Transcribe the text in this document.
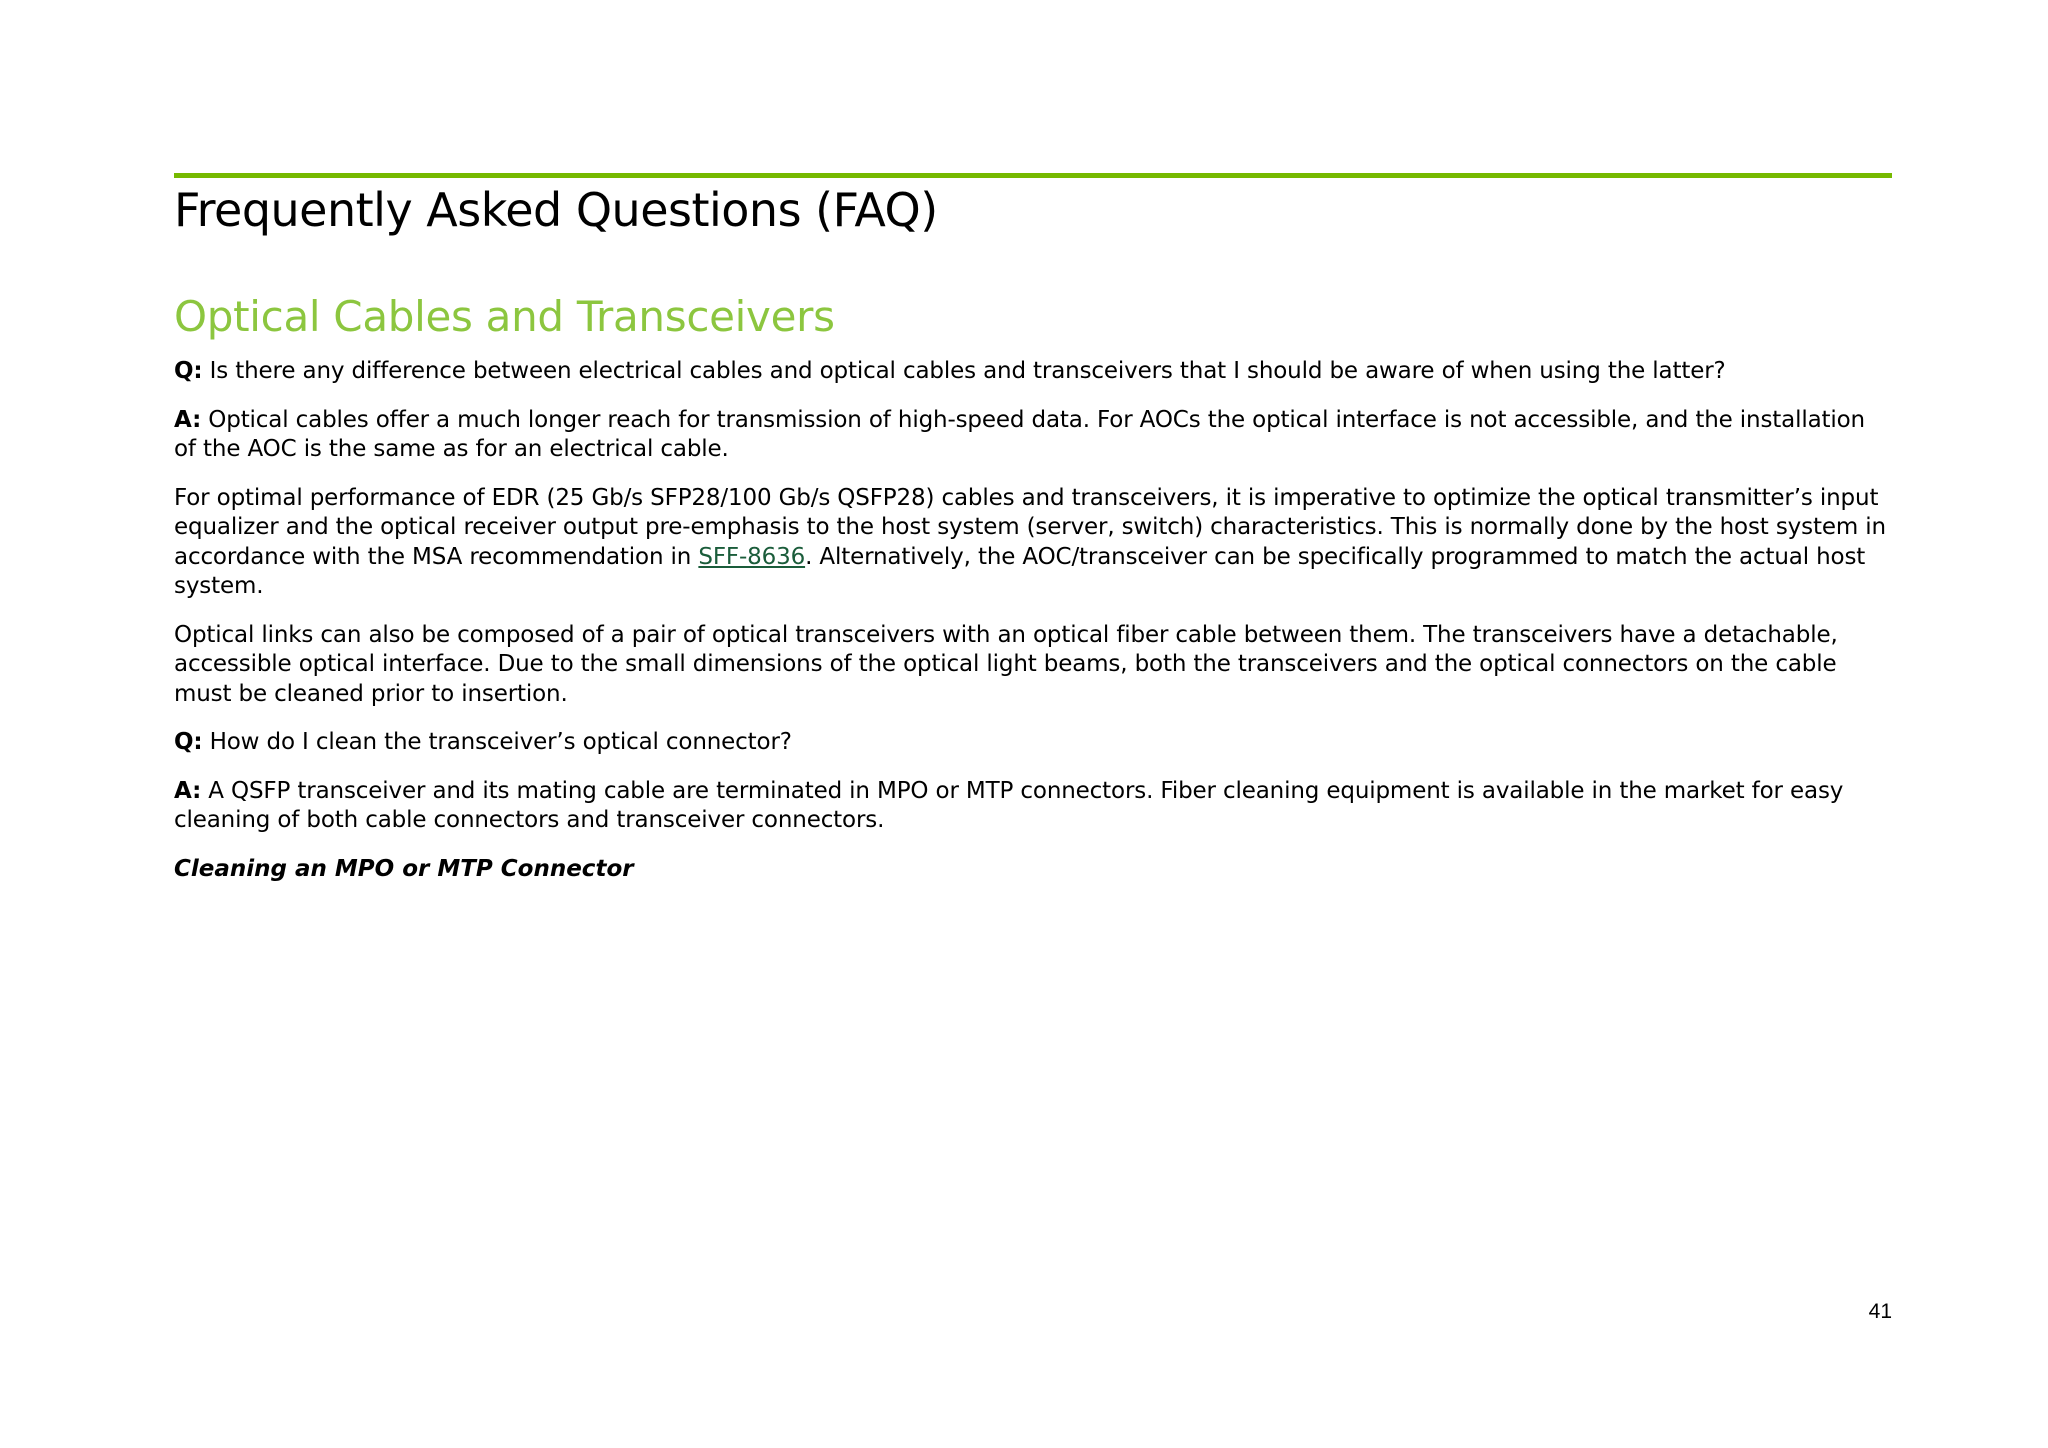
Frequently Asked Questions (FAQ)
Optical Cables and Transceivers

Q: Is there any difference between electrical cables and optical cables and transceivers that I should be aware of when using the latter?

A: Optical cables offer a much longer reach for transmission of high-speed data. For AOCs the optical interface is not accessible, and the installation of the AOC is the same as for an electrical cable.

For optimal performance of EDR (25 Gb/s SFP28/100 Gb/s QSFP28) cables and transceivers, it is imperative to optimize the optical transmitter’s input equalizer and the optical receiver output pre-emphasis to the host system (server, switch) characteristics. This is normally done by the host system in accordance with the MSA recommendation in SFF-8636. Alternatively, the AOC/transceiver can be specifically programmed to match the actual host system.

Optical links can also be composed of a pair of optical transceivers with an optical fiber cable between them. The transceivers have a detachable, accessible optical interface. Due to the small dimensions of the optical light beams, both the transceivers and the optical connectors on the cable must be cleaned prior to insertion.

Q: How do I clean the transceiver’s optical connector?

A: A QSFP transceiver and its mating cable are terminated in MPO or MTP connectors. Fiber cleaning equipment is available in the market for easy cleaning of both cable connectors and transceiver connectors.

Cleaning an MPO or MTP Connector

41
